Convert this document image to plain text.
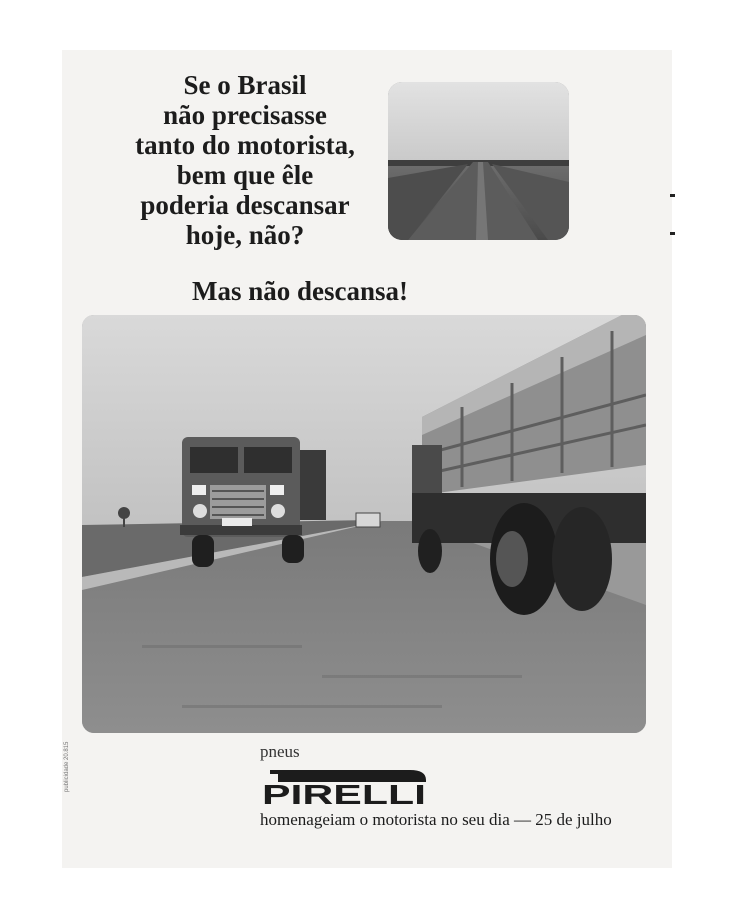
Se o Brasil
não precisasse
tanto do motorista,
bem que êle
poderia descansar
hoje, não?
Mas não descansa!
pneus
PIRELLI
homenageiam o motorista no seu dia — 25 de julho
publicidade 20.815
